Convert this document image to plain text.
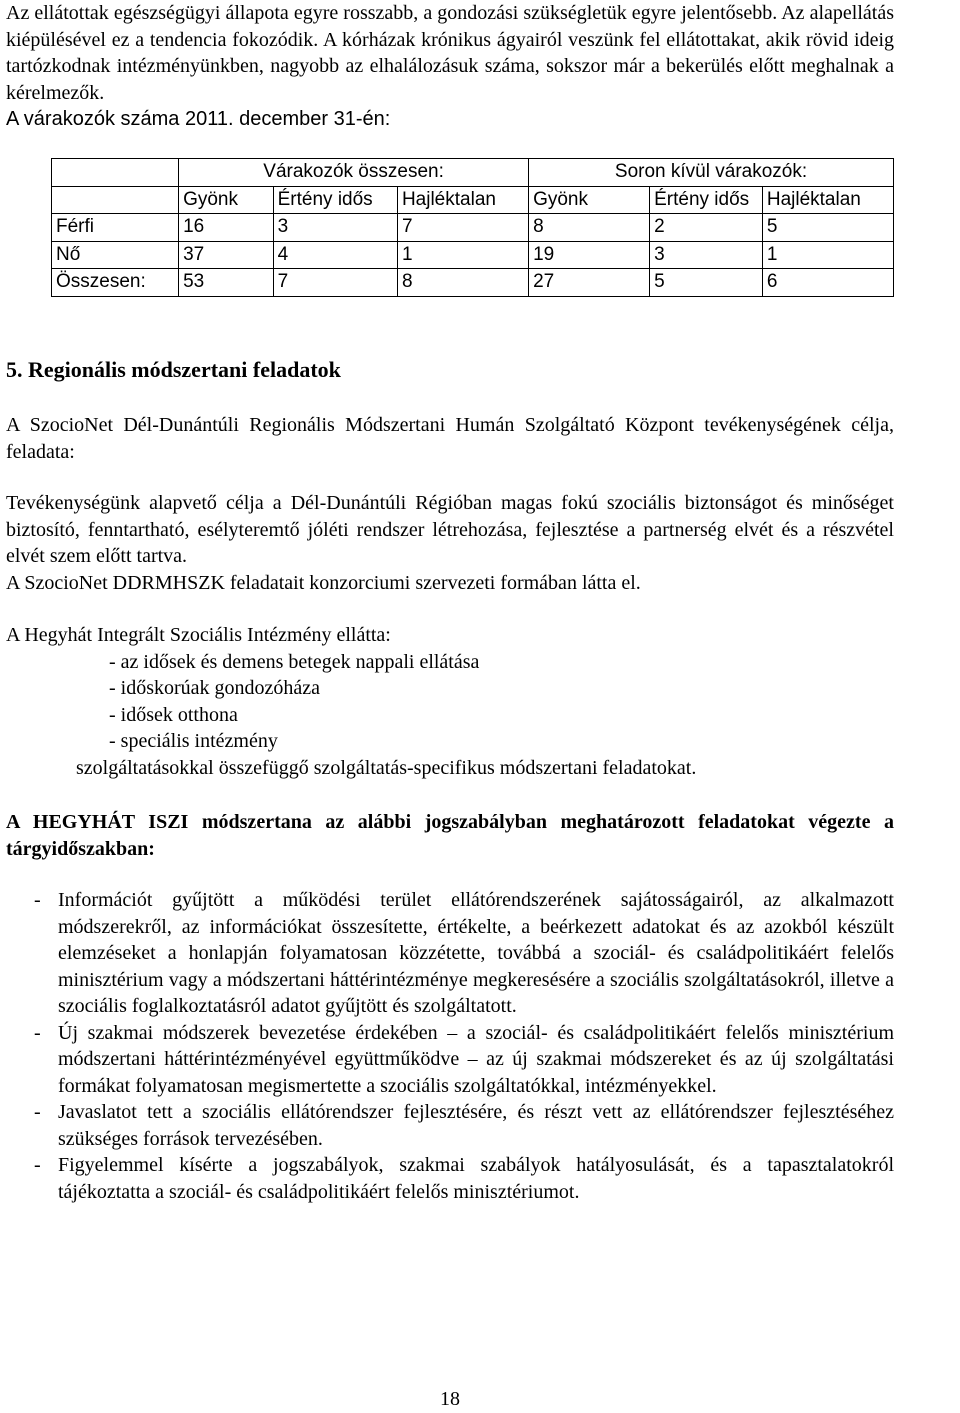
Az ellátottak egészségügyi állapota egyre rosszabb, a gondozási szükségletük egyre jelentősebb. Az alapellátás kiépülésével ez a tendencia fokozódik. A kórházak krónikus ágyairól veszünk fel ellátottakat, akik rövid ideig tartózkodnak intézményünkben, nagyobb az elhalálozásuk száma, sokszor már a bekerülés előtt meghalnak a kérelmezők.

A várakozók száma 2011. december 31-én:

	Várakozók összesen:			Soron kívül várakozók:		
	Gyönk	Értény idős	Hajléktalan	Gyönk	Értény idős	Hajléktalan
Férfi	16	3	7	8	2	5
Nő	37	4	1	19	3	1
Összesen:	53	7	8	27	5	6
5. Regionális módszertani feladatok

A SzocioNet Dél-Dunántúli Regionális Módszertani Humán Szolgáltató Központ tevékenységének célja, feladata:

Tevékenységünk alapvető célja a Dél-Dunántúli Régióban magas fokú szociális biztonságot és minőséget biztosító, fenntartható, esélyteremtő jóléti rendszer létrehozása, fejlesztése a partnerség elvét és a részvétel elvét szem előtt tartva.

A SzocioNet DDRMHSZK feladatait konzorciumi szervezeti formában látta el.

A Hegyhát Integrált Szociális Intézmény ellátta:

- az idősek és demens betegek nappali ellátása

- időskorúak gondozóháza

- idősek otthona

- speciális intézmény

szolgáltatásokkal összefüggő szolgáltatás-specifikus módszertani feladatokat.

A HEGYHÁT ISZI módszertana az alábbi jogszabályban meghatározott feladatokat végezte a tárgyidőszakban:

- Információt gyűjtött a működési terület ellátórendszerének sajátosságairól, az alkalmazott módszerekről, az információkat összesítette, értékelte, a beérkezett adatokat és az azokból készült elemzéseket a honlapján folyamatosan közzétette, továbbá a szociál- és családpolitikáért felelős minisztérium vagy a módszertani háttérintézménye megkeresésére a szociális szolgáltatásokról, illetve a szociális foglalkoztatásról adatot gyűjtött és szolgáltatott.
- Új szakmai módszerek bevezetése érdekében – a szociál- és családpolitikáért felelős minisztérium módszertani háttérintézményével együttműködve – az új szakmai módszereket és az új szolgáltatási formákat folyamatosan megismertette a szociális szolgáltatókkal, intézményekkel.
- Javaslatot tett a szociális ellátórendszer fejlesztésére, és részt vett az ellátórendszer fejlesztéséhez szükséges források tervezésében.
- Figyelemmel kísérte a jogszabályok, szakmai szabályok hatályosulását, és a tapasztalatokról tájékoztatta a szociál- és családpolitikáért felelős minisztériumot.
18
